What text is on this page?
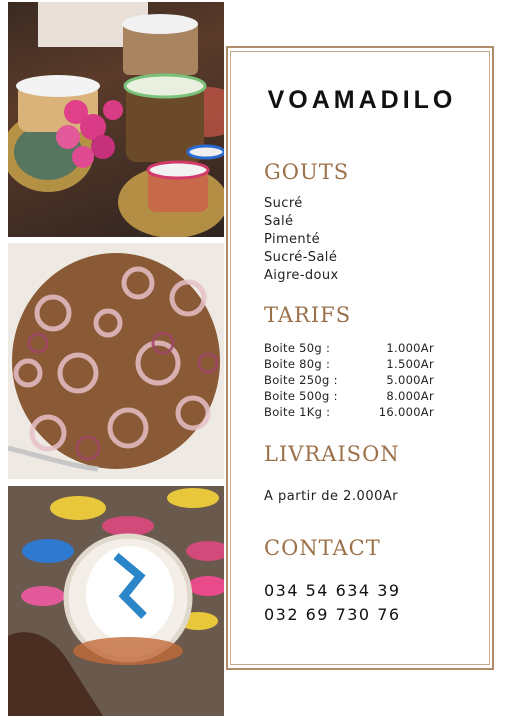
VOAMADILO
GOUTS
Sucré
Salé
Pimenté
Sucré-Salé
Aigre-doux
TARIFS
Boite 50g :	1.000Ar
Boite 80g :	1.500Ar
Boite 250g :	5.000Ar
Boite 500g :	8.000Ar
Boite 1Kg :	16.000Ar
LIVRAISON
A partir de 2.000Ar
CONTACT
034 54 634 39
032 69 730 76
